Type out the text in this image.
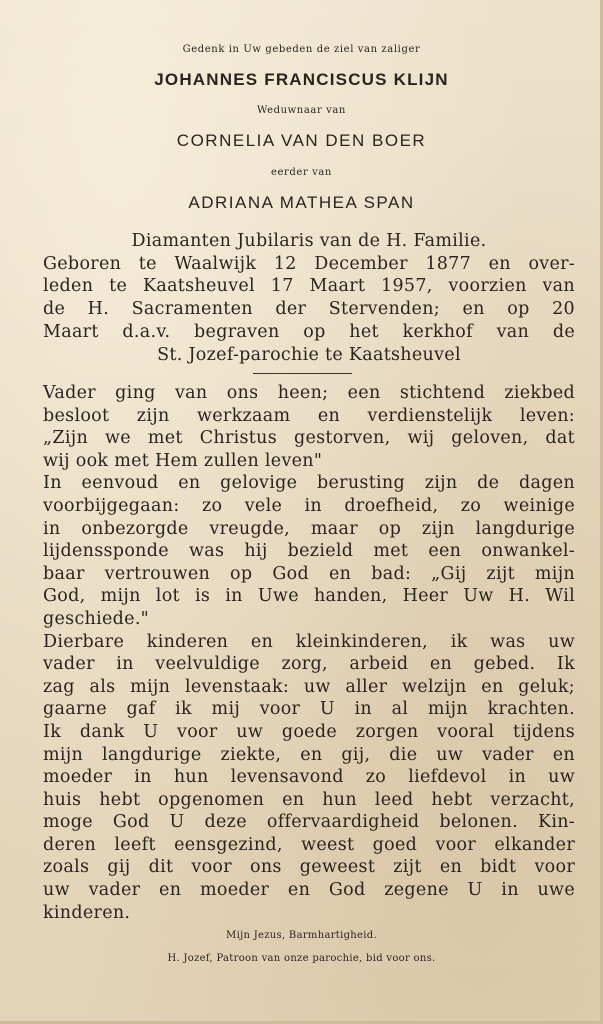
Gedenk in Uw gebeden de ziel van zaliger
JOHANNES FRANCISCUS KLIJN
Weduwnaar van
CORNELIA VAN DEN BOER
eerder van
ADRIANA MATHEA SPAN
Diamanten Jubilaris van de H. Familie.
Geboren te Waalwijk 12 December 1877 en over-
leden te Kaatsheuvel 17 Maart 1957, voorzien van
de H. Sacramenten der Stervenden; en op 20
Maart d.a.v. begraven op het kerkhof van de
St. Jozef-parochie te Kaatsheuvel
Vader ging van ons heen; een stichtend ziekbed
besloot zijn werkzaam en verdienstelijk leven:
„Zijn we met Christus gestorven, wij geloven, dat
wij ook met Hem zullen leven"
In eenvoud en gelovige berusting zijn de dagen
voorbijgegaan: zo vele in droefheid, zo weinige
in onbezorgde vreugde, maar op zijn langdurige
lijdenssponde was hij bezield met een onwankel-
baar vertrouwen op God en bad: „Gij zijt mijn
God, mijn lot is in Uwe handen, Heer Uw H. Wil
geschiede."
Dierbare kinderen en kleinkinderen, ik was uw
vader in veelvuldige zorg, arbeid en gebed. Ik
zag als mijn levenstaak: uw aller welzijn en geluk;
gaarne gaf ik mij voor U in al mijn krachten.
Ik dank U voor uw goede zorgen vooral tijdens
mijn langdurige ziekte, en gij, die uw vader en
moeder in hun levensavond zo liefdevol in uw
huis hebt opgenomen en hun leed hebt verzacht,
moge God U deze offervaardigheid belonen. Kin-
deren leeft eensgezind, weest goed voor elkander
zoals gij dit voor ons geweest zijt en bidt voor
uw vader en moeder en God zegene U in uwe
kinderen.
Mijn Jezus, Barmhartigheid.
H. Jozef, Patroon van onze parochie, bid voor ons.
